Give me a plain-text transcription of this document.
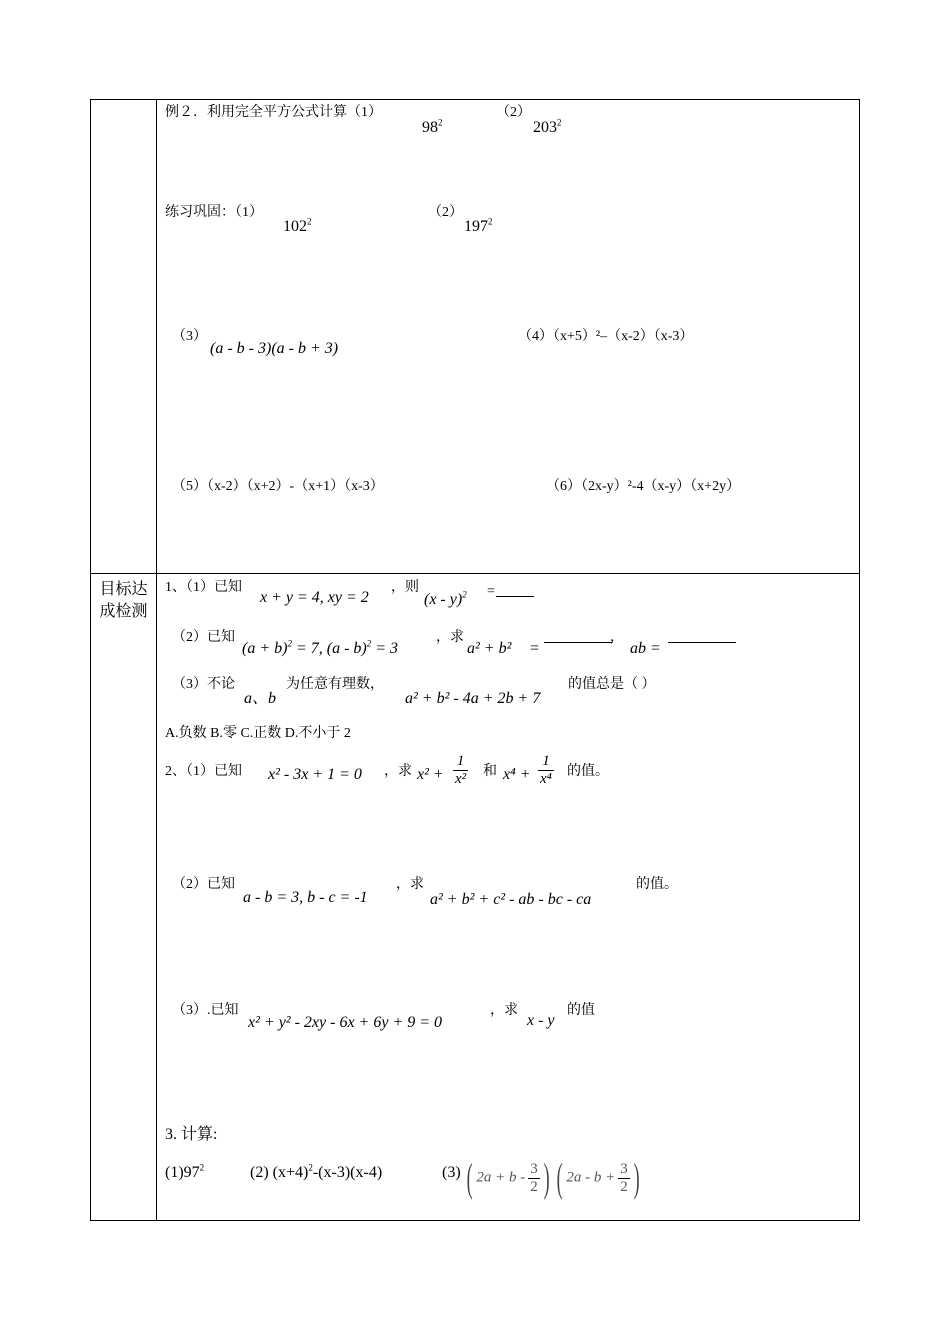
例２．利用完全平方公式计算（1）
$98^2$
（2）
$203^2$
练习巩固：（1）
$102^2$
（2）
$197^2$
（3）
(a - b - 3)(a - b + 3)
（4）（x+5）²–（x-2）（x-3）
（5）（x-2）（x+2）-（x+1）（x-3）	（6）（2x-y）²-4（x-y）（x+2y）
目标达成检测
1、（1）已知
x + y = 4, xy = 2
，则
(x - y)$^2$ =
（2）已知
$(a + b)^2 = 7$, (a - b)$^2$ = 3
，求
a² + b² =
，
ab =
（3）不论
a、b
为任意有理数，
a² + b² - 4a + 2b + 7
的值总是（ ）
A.负数 B.零 C.正数 D.不小于 2
2、（1）已知 x² - 3x + 1 = 0 ，求 $x^2 + \frac{1}{\text{x²}}$ 和 $x^4 + \frac{1}{\text{x⁴}}$ 的值。
（2）已知
a - b = 3, b - c = -1
，求
a² + b² + c² - ab - bc - ca
的值。
（3）.已知
x² + y² - 2xy - 6x + 6y + 9 = 0
，求
x - y
的值
3. 计算:
$(1)97^2$	(2) $(x+4)^2-(x-3)(x-4)$	(3) ( $2a + b - \frac{3}{2}$ ) ( $2a - b + \frac{3}{2}$ )
